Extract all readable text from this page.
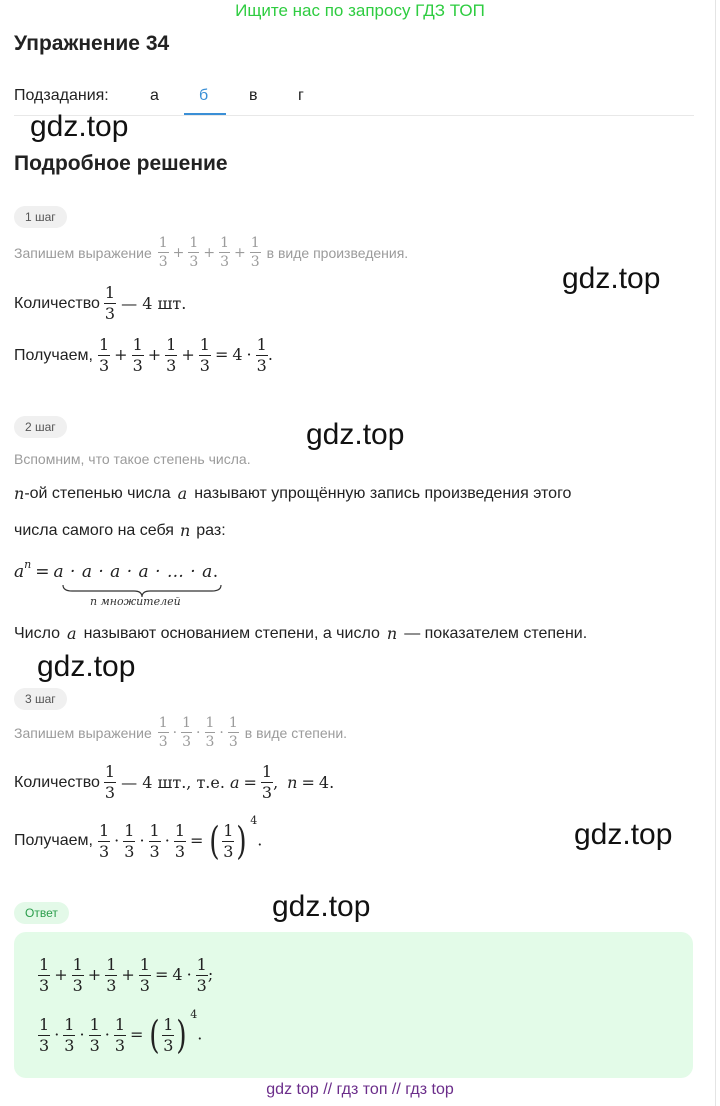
Ищите нас по запросу ГДЗ ТОП
Упражнение 34
Подзадания:	а	б	в	г
gdz.top
Подробное решение
1 шаг
Запишем выражение $\frac{1}{3} + \frac{1}{3} + \frac{1}{3} + \frac{1}{3}$ в виде произведения.
gdz.top
Количество $\frac{1}{3}$ — 4 шт.
Получаем, $\frac{1}{3} + \frac{1}{3} + \frac{1}{3} + \frac{1}{3} = 4 \cdot \frac{1}{3}$ .
2 шаг	gdz.top
Вспомним, что такое степень числа.
n -ой степенью числа a называют упрощённую запись произведения этого
числа самого на себя n раз:
a n = a · a · a · a · … · a .
n множителей
Число a называют основанием степени, а число n — показателем степени.
gdz.top
3 шаг
Запишем выражение $\frac{1}{3} \cdot \frac{1}{3} \cdot \frac{1}{3} \cdot \frac{1}{3}$ в виде степени.
Количество $\frac{1}{3}$ — 4 шт., т.е. $a = \frac{1}{3}$ , n = 4.
gdz.top
Получаем, $\frac{1}{3} \cdot \frac{1}{3} \cdot \frac{1}{3} \cdot \frac{1}{3}$ = ( $\frac{1}{3}$ ) $^4$.
Ответ	gdz.top
$\frac{1}{3} + \frac{1}{3} + \frac{1}{3} + \frac{1}{3} = 4 \cdot \frac{1}{3}$ ;
$\frac{1}{3} \cdot \frac{1}{3} \cdot \frac{1}{3} \cdot \frac{1}{3}$ = ( $\frac{1}{3}$ ) $^4$.
gdz top // гдз топ // гдз top
